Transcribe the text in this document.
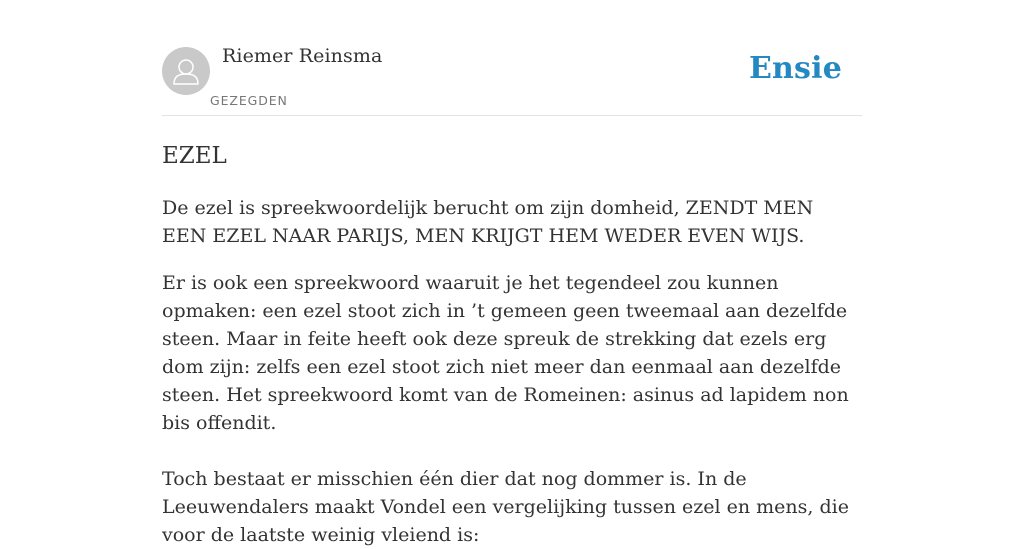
Riemer Reinsma
GEZEGDEN
Ensie
EZEL

De ezel is spreekwoordelijk berucht om zijn domheid, ZENDT MEN EEN EZEL NAAR PARIJS, MEN KRIJGT HEM WEDER EVEN WIJS.

Er is ook een spreekwoord waaruit je het tegendeel zou kunnen opmaken: een ezel stoot zich in ’t gemeen geen tweemaal aan dezelfde steen. Maar in feite heeft ook deze spreuk de strekking dat ezels erg dom zijn: zelfs een ezel stoot zich niet meer dan eenmaal aan dezelfde steen. Het spreekwoord komt van de Romeinen: asinus ad lapidem non bis offendit.

Toch bestaat er misschien één dier dat nog dommer is. In de Leeuwendalers maakt Vondel een vergelijking tussen ezel en mens, die voor de laatste weinig vleiend is:
